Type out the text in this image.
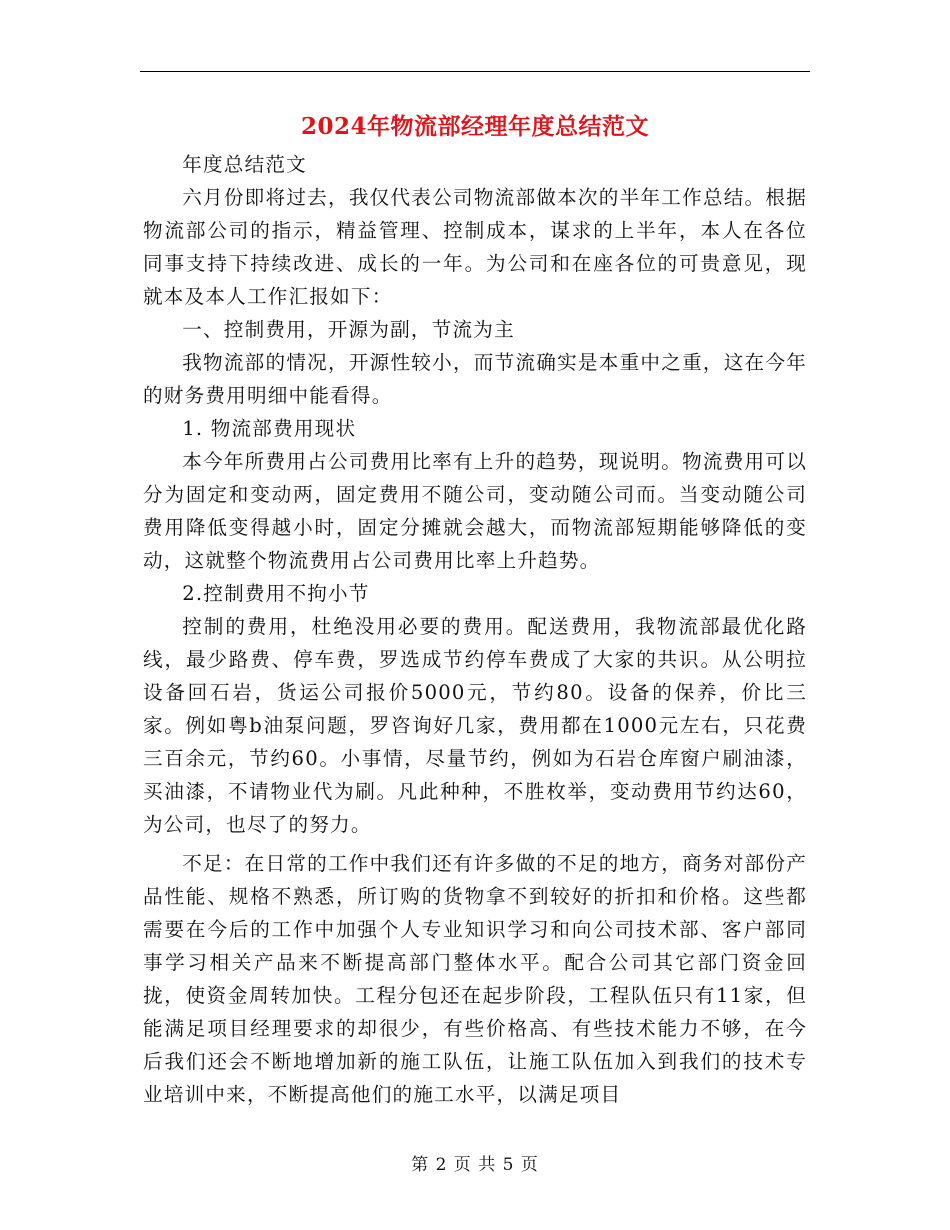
2024年物流部经理年度总结范文

年度总结范文

六月份即将过去，我仅代表公司物流部做本次的半年工作总结。根据物流部公司的指示，精益管理、控制成本，谋求的上半年，本人在各位同事支持下持续改进、成长的一年。为公司和在座各位的可贵意见，现就本及本人工作汇报如下：

一、控制费用，开源为副，节流为主

我物流部的情况，开源性较小，而节流确实是本重中之重，这在今年的财务费用明细中能看得。

1. 物流部费用现状

本今年所费用占公司费用比率有上升的趋势，现说明。物流费用可以分为固定和变动两，固定费用不随公司，变动随公司而。当变动随公司费用降低变得越小时，固定分摊就会越大，而物流部短期能够降低的变动，这就整个物流费用占公司费用比率上升趋势。

2.控制费用不拘小节

控制的费用，杜绝没用必要的费用。配送费用，我物流部最优化路线，最少路费、停车费，罗选成节约停车费成了大家的共识。从公明拉设备回石岩，货运公司报价5000元，节约80。设备的保养，价比三家。例如粤b油泵问题，罗咨询好几家，费用都在1000元左右，只花费三百余元，节约60。小事情，尽量节约，例如为石岩仓库窗户刷油漆，买油漆，不请物业代为刷。凡此种种，不胜枚举，变动费用节约达60，为公司，也尽了的努力。

不足：在日常的工作中我们还有许多做的不足的地方，商务对部份产品性能、规格不熟悉，所订购的货物拿不到较好的折扣和价格。这些都需要在今后的工作中加强个人专业知识学习和向公司技术部、客户部同事学习相关产品来不断提高部门整体水平。配合公司其它部门资金回拢，使资金周转加快。工程分包还在起步阶段，工程队伍只有11家，但能满足项目经理要求的却很少，有些价格高、有些技术能力不够，在今后我们还会不断地增加新的施工队伍，让施工队伍加入到我们的技术专业培训中来，不断提高他们的施工水平，以满足项目

第 2 页 共 5 页
